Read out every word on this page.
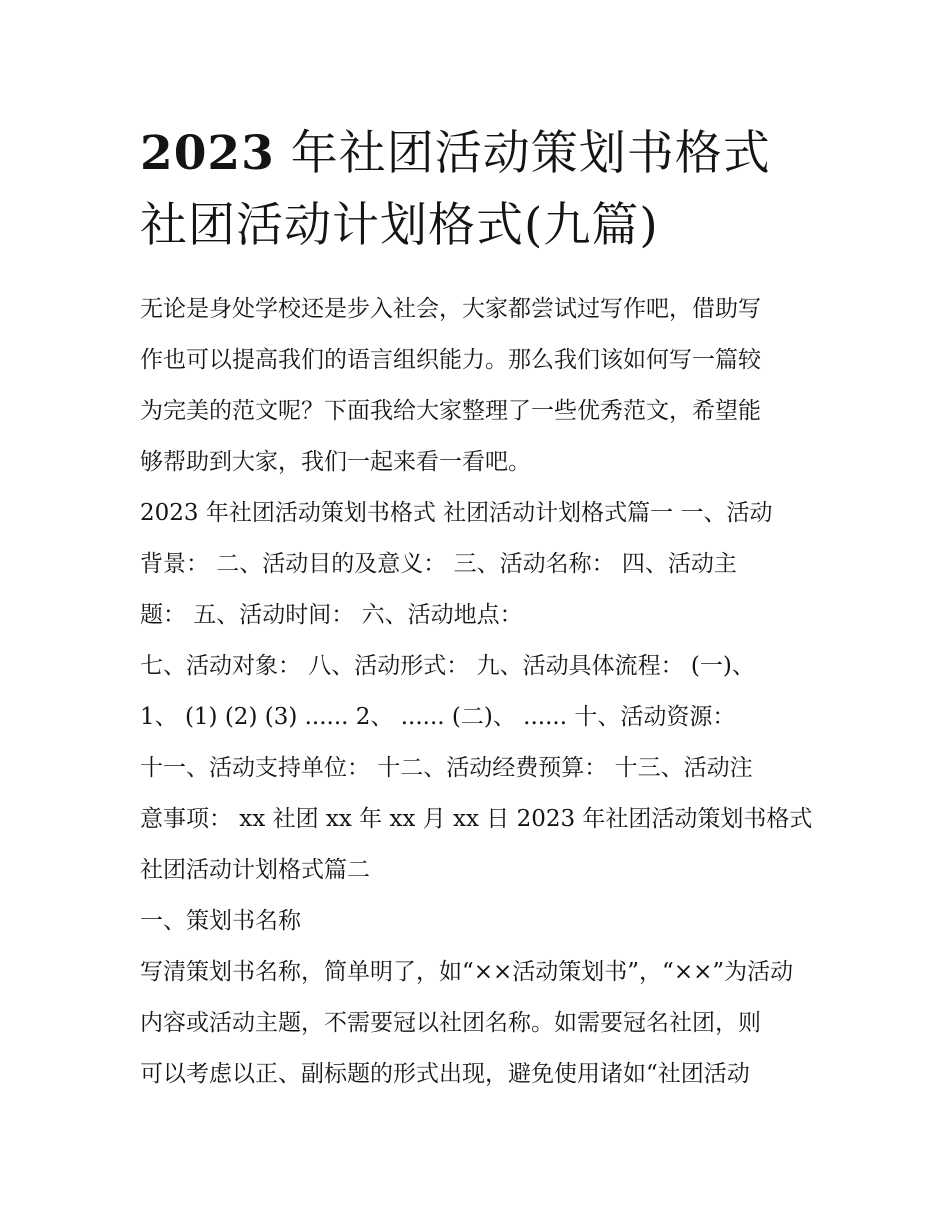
2023 年社团活动策划书格式
社团活动计划格式(九篇)

无论是身处学校还是步入社会，大家都尝试过写作吧，借助写

作也可以提高我们的语言组织能力。那么我们该如何写一篇较

为完美的范文呢？下面我给大家整理了一些优秀范文，希望能

够帮助到大家，我们一起来看一看吧。

2023 年社团活动策划书格式 社团活动计划格式篇一 一、活动

背景： 二、活动目的及意义： 三、活动名称： 四、活动主

题： 五、活动时间： 六、活动地点：

七、活动对象： 八、活动形式： 九、活动具体流程： (一)、

1、 (1) (2) (3) ...... 2、 ...... (二)、 ...... 十、活动资源：

十一、活动支持单位： 十二、活动经费预算： 十三、活动注

意事项： xx 社团 xx 年 xx 月 xx 日 2023 年社团活动策划书格式

社团活动计划格式篇二

一、策划书名称

写清策划书名称，简单明了，如“××活动策划书”，“××”为活动

内容或活动主题，不需要冠以社团名称。如需要冠名社团，则

可以考虑以正、副标题的形式出现，避免使用诸如“社团活动
